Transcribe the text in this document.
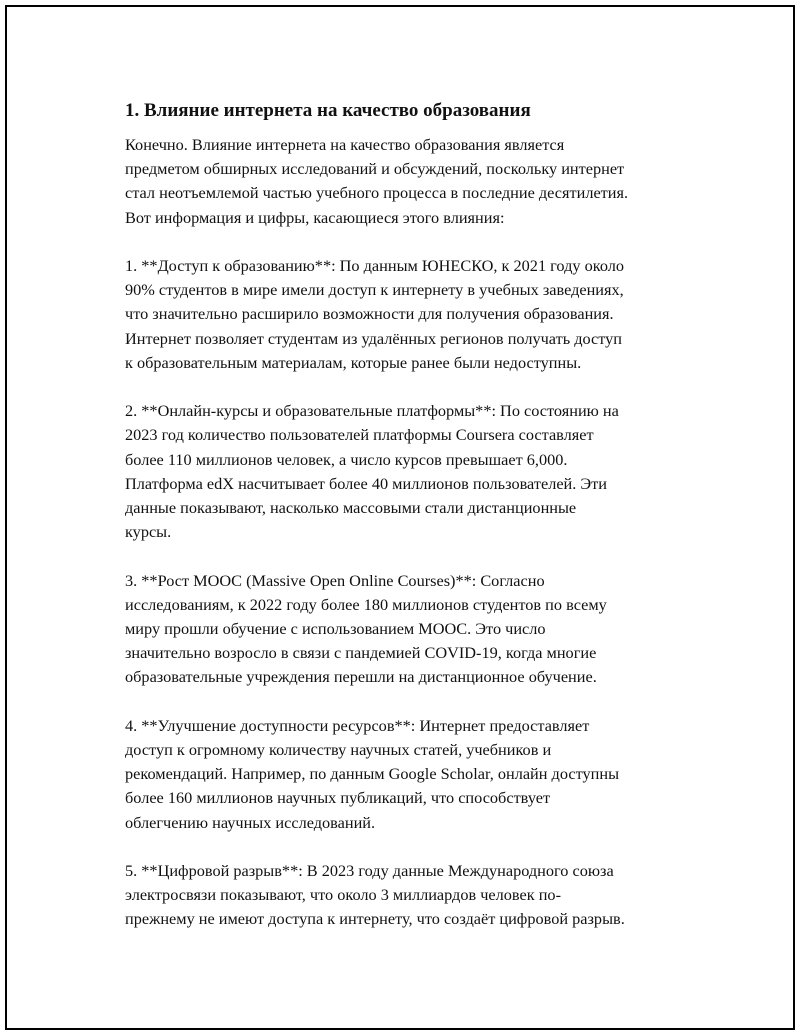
1. Влияние интернета на качество образования

Конечно. Влияние интернета на качество образования является
предметом обширных исследований и обсуждений, поскольку интернет
стал неотъемлемой частью учебного процесса в последние десятилетия.
Вот информация и цифры, касающиеся этого влияния:

1. **Доступ к образованию**: По данным ЮНЕСКО, к 2021 году около
90% студентов в мире имели доступ к интернету в учебных заведениях,
что значительно расширило возможности для получения образования.
Интернет позволяет студентам из удалённых регионов получать доступ
к образовательным материалам, которые ранее были недоступны.

2. **Онлайн-курсы и образовательные платформы**: По состоянию на
2023 год количество пользователей платформы Coursera составляет
более 110 миллионов человек, а число курсов превышает 6,000.
Платформа edX насчитывает более 40 миллионов пользователей. Эти
данные показывают, насколько массовыми стали дистанционные
курсы.

3. **Рост MOOC (Massive Open Online Courses)**: Согласно
исследованиям, к 2022 году более 180 миллионов студентов по всему
миру прошли обучение с использованием MOOC. Это число
значительно возросло в связи с пандемией COVID-19, когда многие
образовательные учреждения перешли на дистанционное обучение.

4. **Улучшение доступности ресурсов**: Интернет предоставляет
доступ к огромному количеству научных статей, учебников и
рекомендаций. Например, по данным Google Scholar, онлайн доступны
более 160 миллионов научных публикаций, что способствует
облегчению научных исследований.

5. **Цифровой разрыв**: В 2023 году данные Международного союза
электросвязи показывают, что около 3 миллиардов человек по-
прежнему не имеют доступа к интернету, что создаёт цифровой разрыв.
